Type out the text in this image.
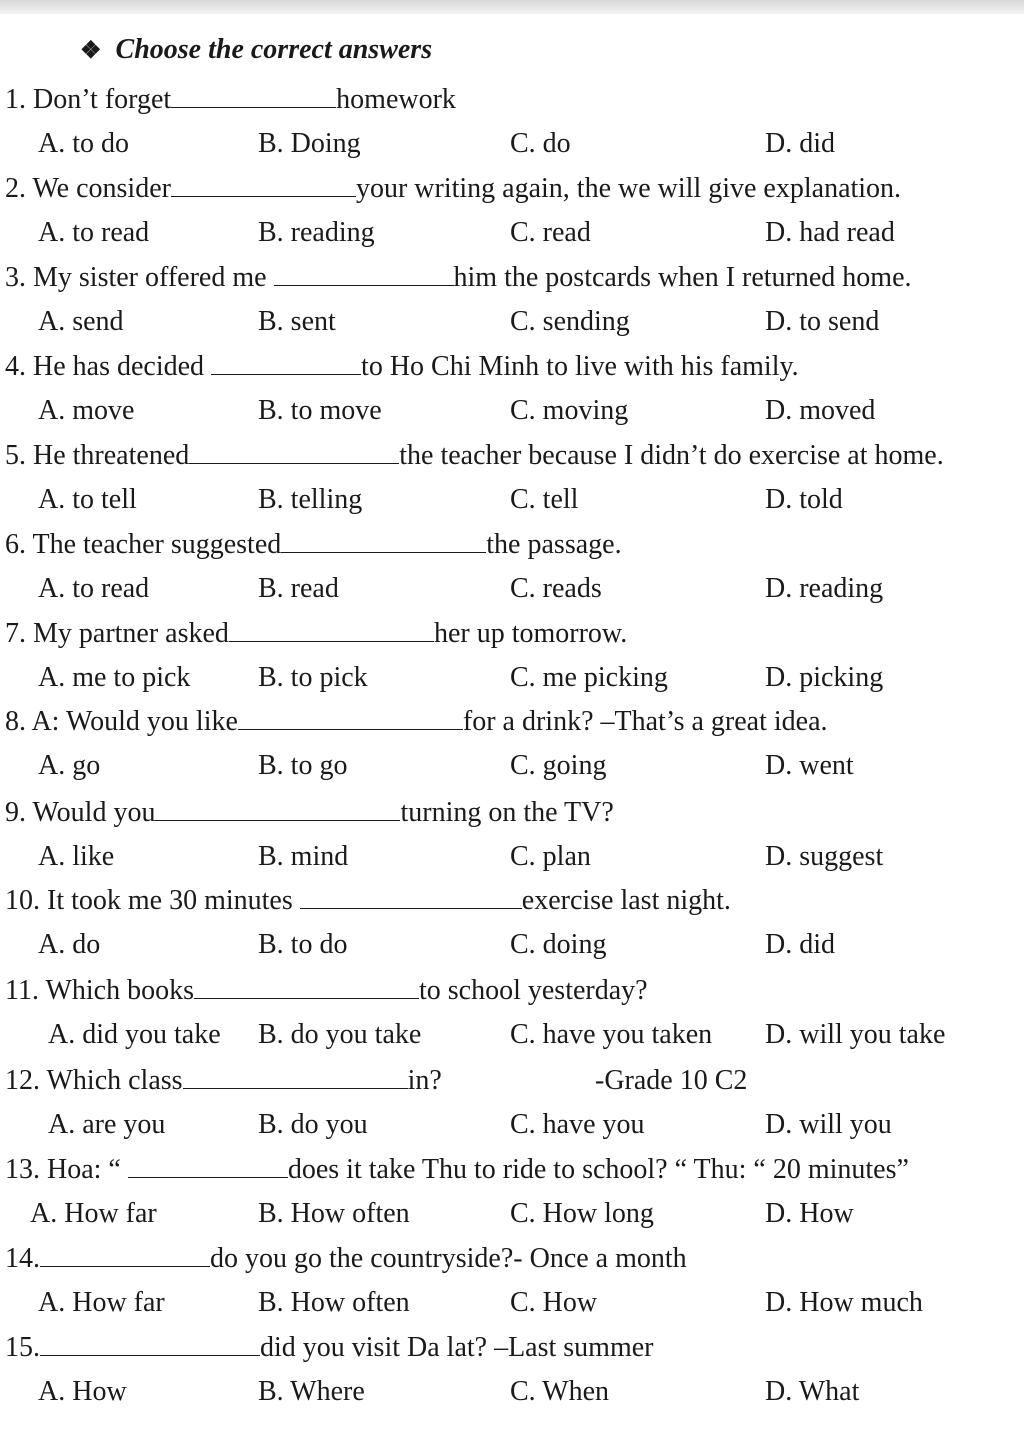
❖ Choose the correct answers
1. Don’t forget	homework
A. to do	B. Doing	C. do	D. did
2. We consider	your writing again, the we will give explanation.
A. to read	B. reading	C. read	D. had read
3. My sister offered me	him the postcards when I returned home.
A. send	B. sent	C. sending	D. to send
4. He has decided	to Ho Chi Minh to live with his family.
A. move	B. to move	C. moving	D. moved
5. He threatened	the teacher because I didn’t do exercise at home.
A. to tell	B. telling	C. tell	D. told
6. The teacher suggested	the passage.
A. to read	B. read	C. reads	D. reading
7. My partner asked	her up tomorrow.
A. me to pick B. to pick	C. me picking	D. picking
8. A: Would you like	for a drink? –That’s a great idea.
A. go	B. to go	C. going	D. went
9. Would you	turning on the TV?
A. like	B. mind	C. plan	D. suggest
10. It took me 30 minutes	exercise last night.
A. do	B. to do	C. doing	D. did
11. Which books	to school yesterday?
A. did you take B. do you take	C. have you taken D. will you take
12. Which class	in?	-Grade 10 C2
A. are you	B. do you	C. have you	D. will you
13. Hoa: “	does it take Thu to ride to school? “ Thu: “ 20 minutes”
A. How far	B. How often	C. How long	D. How
14.	do you go the countryside?- Once a month
A. How far	B. How often	C. How	D. How much
15.	did you visit Da lat? –Last summer
A. How	B. Where	C. When	D. What
